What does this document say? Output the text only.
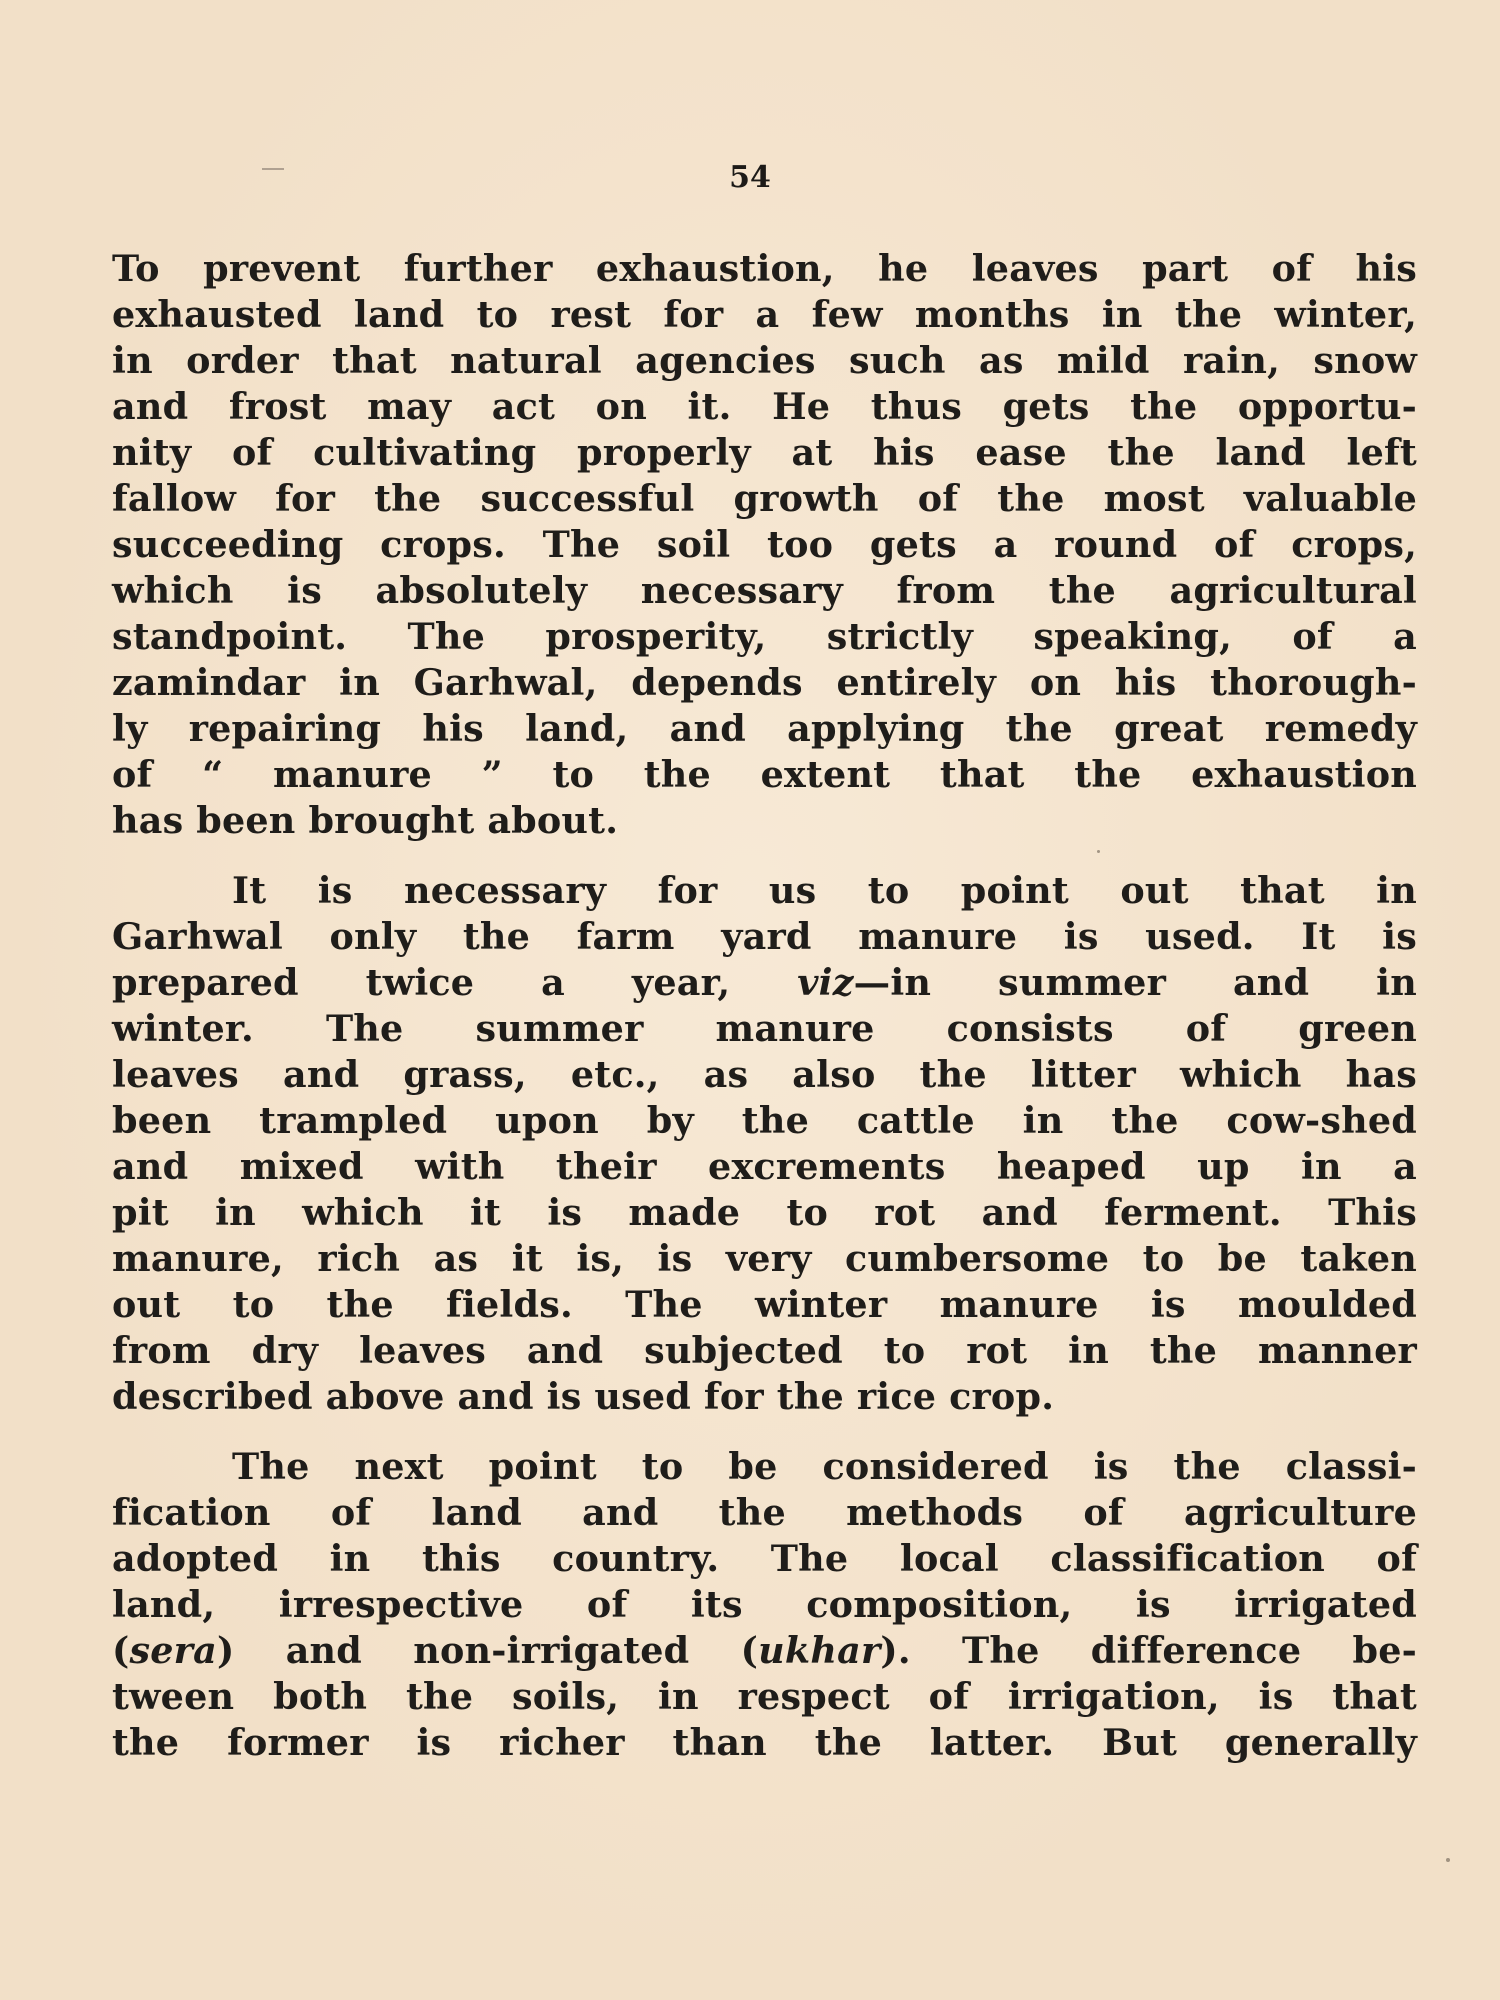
54

To prevent further exhaustion, he leaves part of his
exhausted land to rest for a few months in the winter,
in order that natural agencies such as mild rain, snow
and frost may act on it. He thus gets the opportu-
nity of cultivating properly at his ease the land left
fallow for the successful growth of the most valuable
succeeding crops. The soil too gets a round of crops,
which is absolutely necessary from the agricultural
standpoint. The prosperity, strictly speaking, of a
zamindar in Garhwal, depends entirely on his thorough-
ly repairing his land, and applying the great remedy
of “ manure ” to the extent that the exhaustion
has been brought about.

It is necessary for us to point out that in
Garhwal only the farm yard manure is used. It is
prepared twice a year, viz—in summer and in
winter. The summer manure consists of green
leaves and grass, etc., as also the litter which has
been trampled upon by the cattle in the cow-shed
and mixed with their excrements heaped up in a
pit in which it is made to rot and ferment. This
manure, rich as it is, is very cumbersome to be taken
out to the fields. The winter manure is moulded
from dry leaves and subjected to rot in the manner
described above and is used for the rice crop.

The next point to be considered is the classi-
fication of land and the methods of agriculture
adopted in this country. The local classification of
land, irrespective of its composition, is irrigated
(sera) and non-irrigated (ukhar). The difference be-
tween both the soils, in respect of irrigation, is that
the former is richer than the latter. But generally
